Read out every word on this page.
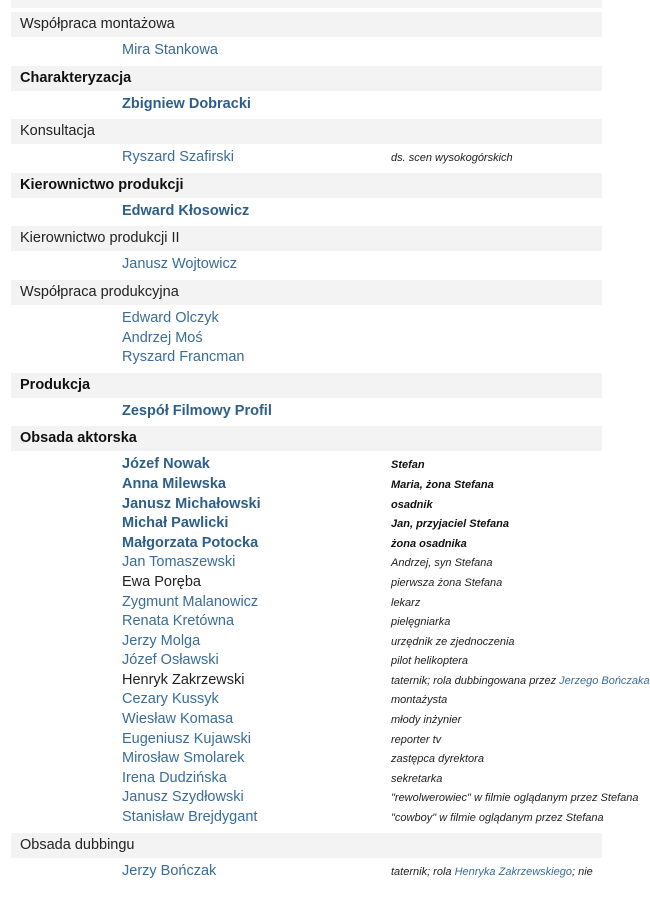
Współpraca montażowa
Mira Stankowa
Charakteryzacja
Zbigniew Dobracki
Konsultacja
Ryszard Szafirski	ds. scen wysokogórskich
Kierownictwo produkcji
Edward Kłosowicz
Kierownictwo produkcji II
Janusz Wojtowicz
Współpraca produkcyjna
Edward Olczyk
Andrzej Moś
Ryszard Francman
Produkcja
Zespół Filmowy Profil
Obsada aktorska
Józef Nowak	Stefan
Anna Milewska	Maria, żona Stefana
Janusz Michałowski	osadnik
Michał Pawlicki	Jan, przyjaciel Stefana
Małgorzata Potocka	żona osadnika
Jan Tomaszewski	Andrzej, syn Stefana
Ewa Poręba	pierwsza żona Stefana
Zygmunt Malanowicz	lekarz
Renata Kretówna	pielęgniarka
Jerzy Molga	urzędnik ze zjednoczenia
Józef Osławski	pilot helikoptera
Henryk Zakrzewski	taternik; rola dubbingowana przez Jerzego Bończaka
Cezary Kussyk	montażysta
Wiesław Komasa	młody inżynier
Eugeniusz Kujawski	reporter tv
Mirosław Smolarek	zastępca dyrektora
Irena Dudzińska	sekretarka
Janusz Szydłowski	"rewolwerowiec" w filmie oglądanym przez Stefana
Stanisław Brejdygant	"cowboy" w filmie oglądanym przez Stefana
Obsada dubbingu
Jerzy Bończak	taternik; rola Henryka Zakrzewskiego; nie
